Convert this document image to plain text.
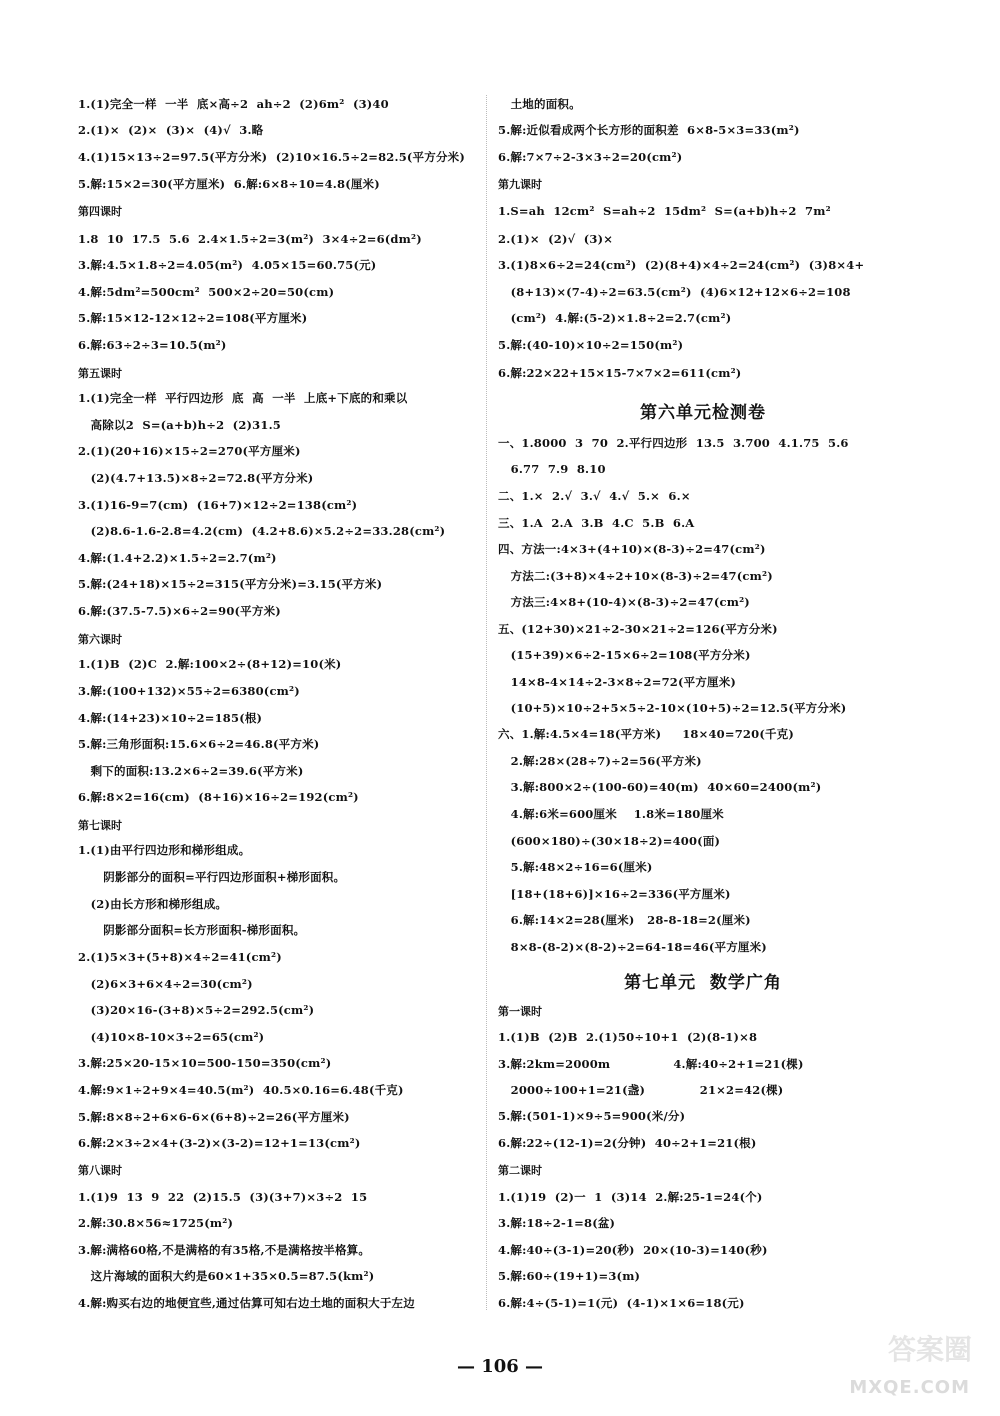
1.(1)完全一样  一半  底×高÷2  ah÷2  (2)6m²  (3)40
2.(1)×  (2)×  (3)×  (4)√  3.略
4.(1)15×13÷2=97.5(平方分米)  (2)10×16.5÷2=82.5(平方分米)
5.解:15×2=30(平方厘米)  6.解:6×8÷10=4.8(厘米)
第四课时
1.8  10  17.5  5.6  2.4×1.5÷2=3(m²)  3×4÷2=6(dm²)
3.解:4.5×1.8÷2=4.05(m²)  4.05×15=60.75(元)
4.解:5dm²=500cm²  500×2÷20=50(cm)
5.解:15×12-12×12÷2=108(平方厘米)
6.解:63÷2÷3=10.5(m²)
第五课时
1.(1)完全一样  平行四边形  底  高  一半  上底+下底的和乘以
高除以2  S=(a+b)h÷2  (2)31.5
2.(1)(20+16)×15÷2=270(平方厘米)
(2)(4.7+13.5)×8÷2=72.8(平方分米)
3.(1)16-9=7(cm)  (16+7)×12÷2=138(cm²)
(2)8.6-1.6-2.8=4.2(cm)  (4.2+8.6)×5.2÷2=33.28(cm²)
4.解:(1.4+2.2)×1.5÷2=2.7(m²)
5.解:(24+18)×15÷2=315(平方分米)=3.15(平方米)
6.解:(37.5-7.5)×6÷2=90(平方米)
第六课时
1.(1)B  (2)C  2.解:100×2÷(8+12)=10(米)
3.解:(100+132)×55÷2=6380(cm²)
4.解:(14+23)×10÷2=185(根)
5.解:三角形面积:15.6×6÷2=46.8(平方米)
剩下的面积:13.2×6÷2=39.6(平方米)
6.解:8×2=16(cm)  (8+16)×16÷2=192(cm²)
第七课时
1.(1)由平行四边形和梯形组成。
阴影部分的面积=平行四边形面积+梯形面积。
(2)由长方形和梯形组成。
阴影部分面积=长方形面积-梯形面积。
2.(1)5×3+(5+8)×4÷2=41(cm²)
(2)6×3+6×4÷2=30(cm²)
(3)20×16-(3+8)×5÷2=292.5(cm²)
(4)10×8-10×3÷2=65(cm²)
3.解:25×20-15×10=500-150=350(cm²)
4.解:9×1÷2+9×4=40.5(m²)  40.5×0.16=6.48(千克)
5.解:8×8÷2+6×6-6×(6+8)÷2=26(平方厘米)
6.解:2×3÷2×4+(3-2)×(3-2)=12+1=13(cm²)
第八课时
1.(1)9  13  9  22  (2)15.5  (3)(3+7)×3÷2  15
2.解:30.8×56≈1725(m²)
3.解:满格60格,不是满格的有35格,不是满格按半格算。
这片海域的面积大约是60×1+35×0.5=87.5(km²)
4.解:购买右边的地便宜些,通过估算可知右边土地的面积大于左边
土地的面积。
5.解:近似看成两个长方形的面积差  6×8-5×3=33(m²)
6.解:7×7÷2-3×3÷2=20(cm²)
第九课时
1.S=ah  12cm²  S=ah÷2  15dm²  S=(a+b)h÷2  7m²
2.(1)×  (2)√  (3)×
3.(1)8×6÷2=24(cm²)  (2)(8+4)×4÷2=24(cm²)  (3)8×4+
(8+13)×(7-4)÷2=63.5(cm²)  (4)6×12+12×6÷2=108
(cm²)  4.解:(5-2)×1.8÷2=2.7(cm²)
5.解:(40-10)×10÷2=150(m²)
6.解:22×22+15×15-7×7×2=611(cm²)
第六单元检测卷
一、1.8000  3  70  2.平行四边形  13.5  3.700  4.1.75  5.6
6.77  7.9  8.10
二、1.×  2.√  3.√  4.√  5.×  6.×
三、1.A  2.A  3.B  4.C  5.B  6.A
四、方法一:4×3+(4+10)×(8-3)÷2=47(cm²)
方法二:(3+8)×4÷2+10×(8-3)÷2=47(cm²)
方法三:4×8+(10-4)×(8-3)÷2=47(cm²)
五、(12+30)×21÷2-30×21÷2=126(平方分米)
(15+39)×6÷2-15×6÷2=108(平方分米)
14×8-4×14÷2-3×8÷2=72(平方厘米)
(10+5)×10÷2+5×5÷2-10×(10+5)÷2=12.5(平方分米)
六、1.解:4.5×4=18(平方米)     18×40=720(千克)
2.解:28×(28÷7)÷2=56(平方米)
3.解:800×2÷(100-60)=40(m)  40×60=2400(m²)
4.解:6米=600厘米    1.8米=180厘米
(600×180)÷(30×18÷2)=400(面)
5.解:48×2÷16=6(厘米)
[18+(18+6)]×16÷2=336(平方厘米)
6.解:14×2=28(厘米)   28-8-18=2(厘米)
8×8-(8-2)×(8-2)÷2=64-18=46(平方厘米)
第七单元  数学广角
第一课时
1.(1)B  (2)B  2.(1)50÷10+1  (2)(8-1)×8
3.解:2km=2000m               4.解:40÷2+1=21(棵)
2000÷100+1=21(盏)             21×2=42(棵)
5.解:(501-1)×9÷5=900(米/分)
6.解:22÷(12-1)=2(分钟)  40÷2+1=21(根)
第二课时
1.(1)19  (2)一  1  (3)14  2.解:25-1=24(个)
3.解:18÷2-1=8(盆)
4.解:40÷(3-1)=20(秒)  20×(10-3)=140(秒)
5.解:60÷(19+1)=3(m)
6.解:4÷(5-1)=1(元)  (4-1)×1×6=18(元)
— 106 —
答案圈
MXQE.COM
